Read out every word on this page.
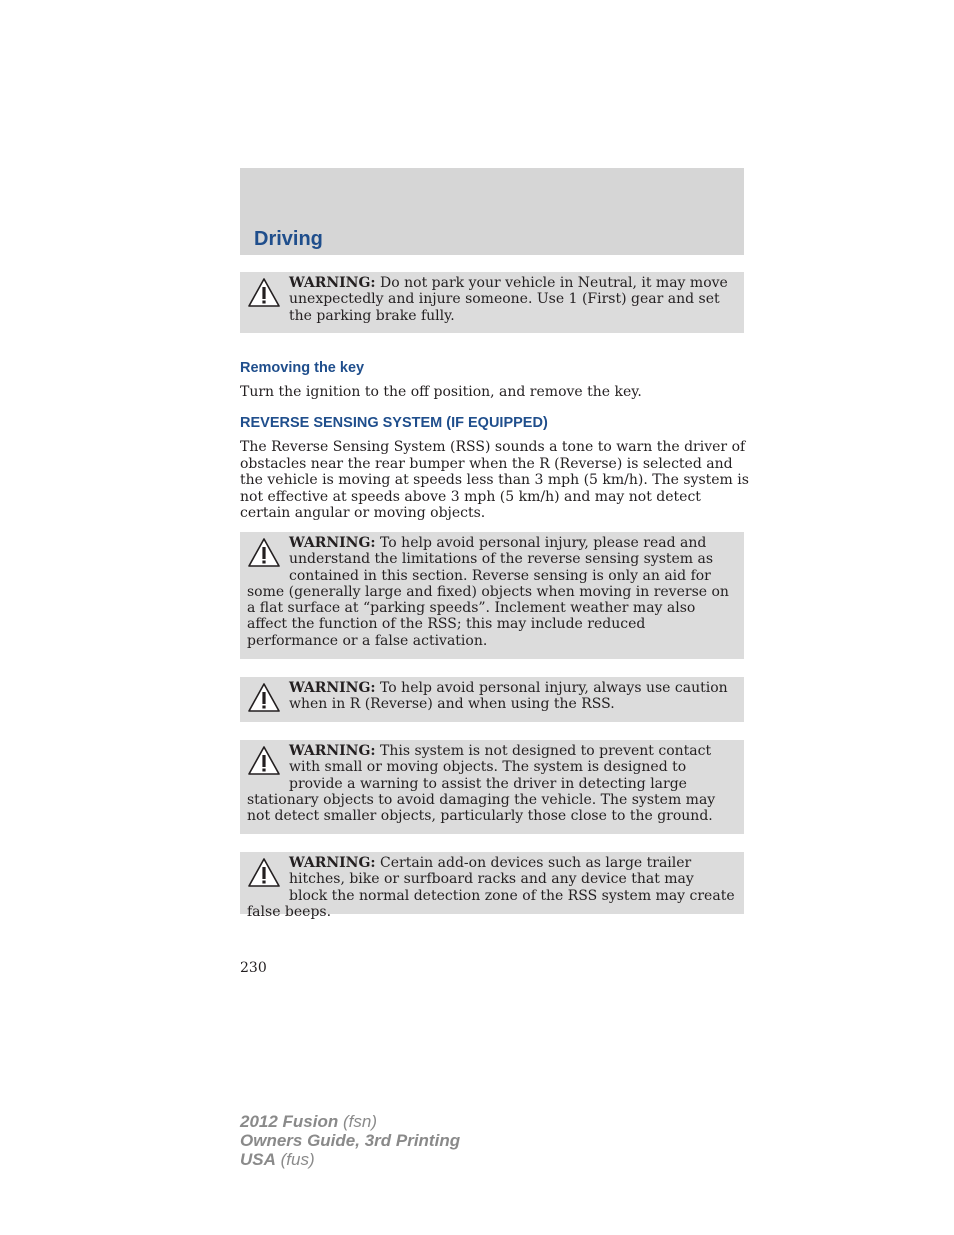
Driving
WARNING: Do not park your vehicle in Neutral, it may move unexpectedly and injure someone. Use 1 (First) gear and set the parking brake fully.
Removing the key
Turn the ignition to the off position, and remove the key.
REVERSE SENSING SYSTEM (IF EQUIPPED)
The Reverse Sensing System (RSS) sounds a tone to warn the driver of obstacles near the rear bumper when the R (Reverse) is selected and the vehicle is moving at speeds less than 3 mph (5 km/h). The system is not effective at speeds above 3 mph (5 km/h) and may not detect certain angular or moving objects.
WARNING: To help avoid personal injury, please read and understand the limitations of the reverse sensing system as contained in this section. Reverse sensing is only an aid for some (generally large and fixed) objects when moving in reverse on a flat surface at “parking speeds”. Inclement weather may also affect the function of the RSS; this may include reduced performance or a false activation.
WARNING: To help avoid personal injury, always use caution when in R (Reverse) and when using the RSS.
WARNING: This system is not designed to prevent contact with small or moving objects. The system is designed to provide a warning to assist the driver in detecting large stationary objects to avoid damaging the vehicle. The system may not detect smaller objects, particularly those close to the ground.
WARNING: Certain add-on devices such as large trailer hitches, bike or surfboard racks and any device that may block the normal detection zone of the RSS system may create false beeps.
230
2012 Fusion (fsn)
Owners Guide, 3rd Printing
USA (fus)
